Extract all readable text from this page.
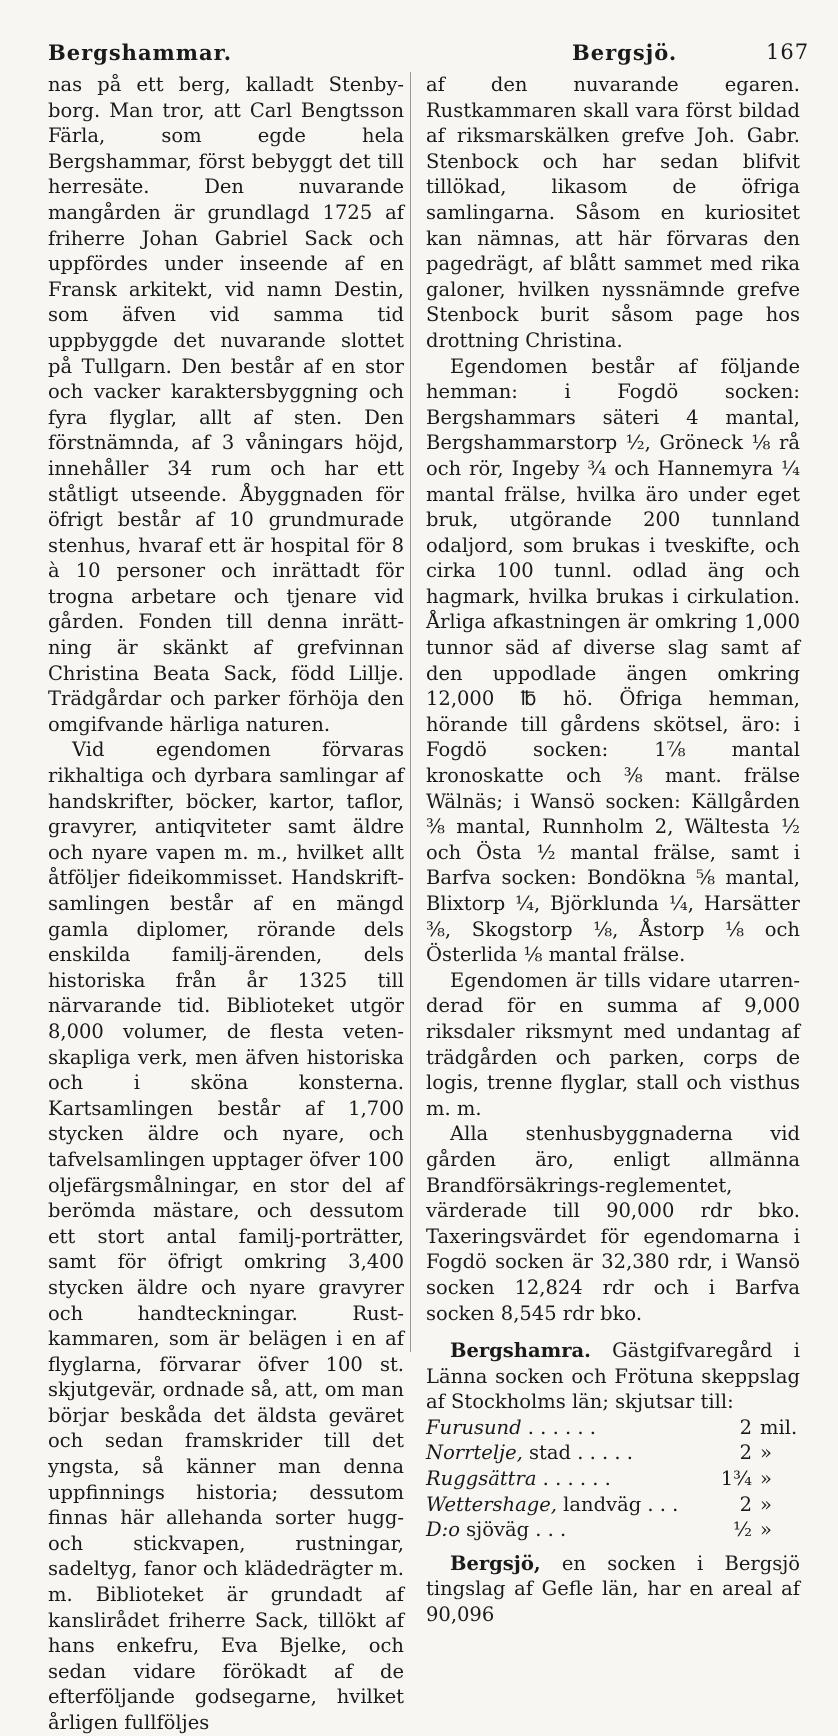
Bergshammar.	Bergsjö.	167

nas på ett berg, kalladt Stenby-borg. Man tror, att Carl Bengtsson Färla, som egde hela Bergshammar, först bebyggt det till herresäte. Den nuvarande mangården är grundlagd 1725 af friherre Johan Gabriel Sack och uppfördes under inseende af en Fransk arkitekt, vid namn Destin, som äfven vid samma tid uppbyggde det nuvarande slottet på Tullgarn. Den består af en stor och vacker karaktersbyggning och fyra flyglar, allt af sten. Den förstnämnda, af 3 våningars höjd, innehåller 34 rum och har ett ståtligt utseende. Åbyggnaden för öfrigt består af 10 grundmurade stenhus, hvaraf ett är hospital för 8 à 10 personer och inrättadt för trogna arbetare och tjenare vid gården. Fonden till denna inrättning är skänkt af grefvinnan Christina Beata Sack, född Lillje. Trädgårdar och parker förhöja den omgifvande härliga naturen.

Vid egendomen förvaras rikhaltiga och dyrbara samlingar af handskrifter, böcker, kartor, taflor, gravyrer, antiqviteter samt äldre och nyare vapen m. m., hvilket allt åtföljer fideikommisset. Handskrift-samlingen består af en mängd gamla diplomer, rörande dels enskilda familj-ärenden, dels historiska från år 1325 till närvarande tid. Biblioteket utgör 8,000 volumer, de flesta vetenskapliga verk, men äfven historiska och i sköna konsterna. Kartsamlingen består af 1,700 stycken äldre och nyare, och tafvelsamlingen upptager öfver 100 oljefärgsmålningar, en stor del af berömda mästare, och dessutom ett stort antal familj-porträtter, samt för öfrigt omkring 3,400 stycken äldre och nyare gravyrer och handteckningar. Rustkammaren, som är belägen i en af flyglarna, förvarar öfver 100 st. skjutgevär, ordnade så, att, om man börjar beskåda det äldsta geväret och sedan framskrider till det yngsta, så känner man denna uppfinnings historia; dessutom finnas här allehanda sorter hugg- och stickvapen, rustningar, sadeltyg, fanor och klädedrägter m. m. Biblioteket är grundadt af kanslirådet friherre Sack, tillökt af hans enkefru, Eva Bjelke, och sedan vidare förökadt af de efterföljande godsegarne, hvilket årligen fullföljes

af den nuvarande egaren. Rustkammaren skall vara först bildad af riksmarskälken grefve Joh. Gabr. Stenbock och har sedan blifvit tillökad, likasom de öfriga samlingarna. Såsom en kuriositet kan nämnas, att här förvaras den pagedrägt, af blått sammet med rika galoner, hvilken nyssnämnde grefve Stenbock burit såsom page hos drottning Christina.

Egendomen består af följande hemman: i Fogdö socken: Bergshammars säteri 4 mantal, Bergshammarstorp ½, Gröneck ⅛ rå och rör, Ingeby ¾ och Hannemyra ¼ mantal frälse, hvilka äro under eget bruk, utgörande 200 tunnland odaljord, som brukas i tveskifte, och cirka 100 tunnl. odlad äng och hagmark, hvilka brukas i cirkulation. Årliga afkastningen är omkring 1,000 tunnor säd af diverse slag samt af den uppodlade ängen omkring 12,000 ℔ hö. Öfriga hemman, hörande till gårdens skötsel, äro: i Fogdö socken: 1⅞ mantal kronoskatte och ⅜ mant. frälse Wälnäs; i Wansö socken: Källgården ⅜ mantal, Runnholm 2, Wältesta ½ och Östa ½ mantal frälse, samt i Barfva socken: Bondökna ⅝ mantal, Blixtorp ¼, Björklunda ¼, Harsätter ⅜, Skogstorp ⅛, Åstorp ⅛ och Österlida ⅛ mantal frälse.

Egendomen är tills vidare utarrenderad för en summa af 9,000 riksdaler riksmynt med undantag af trädgården och parken, corps de logis, trenne flyglar, stall och visthus m. m.

Alla stenhusbyggnaderna vid gården äro, enligt allmänna Brandförsäkrings-reglementet, värderade till 90,000 rdr bko. Taxeringsvärdet för egendomarna i Fogdö socken är 32,380 rdr, i Wansö socken 12,824 rdr och i Barfva socken 8,545 rdr bko.

Bergshamra. Gästgifvaregård i Länna socken och Frötuna skeppslag af Stockholms län; skjutsar till:

Furusund . . . . . .	2	mil.
Norrtelje, stad . . . . .	2	»
Ruggsättra . . . . . .	1¾	»
Wettershage, landväg . . .	2	»
D:o sjöväg . . .	½	»

Bergsjö, en socken i Bergsjö tingslag af Gefle län, har en areal af 90,096
